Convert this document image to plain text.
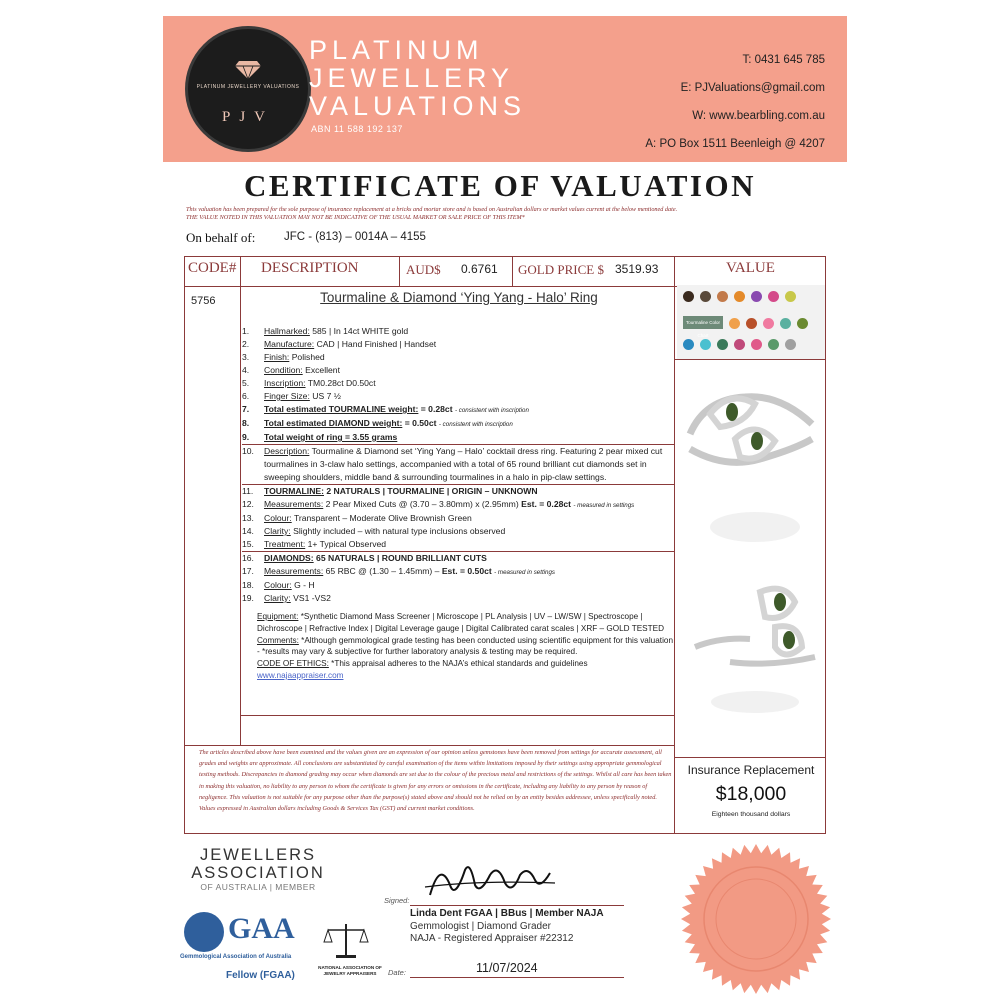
PLATINUM JEWELLERY VALUATIONS
PJV
PLATINUM
JEWELLERY
VALUATIONS
ABN 11 588 192 137
T: 0431 645 785
E: PJValuations@gmail.com
W: www.bearbling.com.au
A: PO Box 1511 Beenleigh @ 4207
CERTIFICATE OF VALUATION
This valuation has been prepared for the sole purpose of insurance replacement at a bricks and mortar store and is based on Australian dollars or market values current at the below mentioned date.
THE VALUE NOTED IN THIS VALUATION MAY NOT BE INDICATIVE OF THE USUAL MARKET OR SALE PRICE OF THIS ITEM*
On behalf of: JFC - (813) – 0014A – 4155
CODE# DESCRIPTION	AUD$ 0.6761 GOLD PRICE $ 3519.93	VALUE
5756	Tourmaline & Diamond ‘Ying Yang - Halo’ Ring
1.	Hallmarked: 585 | In 14ct WHITE gold
2.	Manufacture: CAD | Hand Finished | Handset
3.	Finish: Polished
4.	Condition: Excellent
5.	Inscription: TM0.28ct D0.50ct
6.	Finger Size: US 7 ½
7.	Total estimated TOURMALINE weight: = 0.28ct - consistent with inscription
8.	Total estimated DIAMOND weight: = 0.50ct - consistent with inscription
9.	Total weight of ring = 3.55 grams
10.	Description: Tourmaline & Diamond set ‘Ying Yang – Halo’ cocktail dress ring. Featuring 2 pear mixed cut tourmalines in 3-claw halo settings, accompanied with a total of 65 round brilliant cut diamonds set in sweeping shoulders, middle band & surrounding tourmalines in a halo in pip-claw settings.
11.	TOURMALINE: 2 NATURALS | TOURMALINE | ORIGIN – UNKNOWN
12.	Measurements: 2 Pear Mixed Cuts @ (3.70 – 3.80mm) x (2.95mm) Est. = 0.28ct - measured in settings
13.	Colour: Transparent – Moderate Olive Brownish Green
14.	Clarity: Slightly included – with natural type inclusions observed
15.	Treatment: 1+ Typical Observed
16.	DIAMONDS: 65 NATURALS | ROUND BRILLIANT CUTS
17.	Measurements: 65 RBC @ (1.30 – 1.45mm) – Est. = 0.50ct - measured in settings
18.	Colour: G - H
19.	Clarity: VS1 -VS2
Equipment: *Synthetic Diamond Mass Screener | Microscope | PL Analysis | UV – LW/SW | Spectroscope | Dichroscope | Refractive Index | Digital Leverage gauge | Digital Calibrated carat scales | XRF – GOLD TESTED
Comments: *Although gemmological grade testing has been conducted using scientific equipment for this valuation - *results may vary & subjective for further laboratory analysis & testing may be required.
CODE OF ETHICS: *This appraisal adheres to the NAJA’s ethical standards and guidelines
www.najaappraiser.com
The articles described above have been examined and the values given are an expression of our opinion unless gemstones have been removed from settings for accurate assessment, all grades and weights are approximate. All conclusions are substantiated by careful examination of the items within limitations imposed by their settings using appropriate gemmological testing methods. Discrepancies in diamond grading may occur when diamonds are set due to the colour of the precious metal and restrictions of the settings. Whilst all care has been taken in making this valuation, no liability to any person to whom the certificate is given for any errors or omissions in the certificate, including any liability to any person by reason of negligence. This valuation is not suitable for any purpose other than the purpose(s) stated above and should not be relied on by an entity besides addressee, unless specifically noted. Values expressed in Australian dollars including Goods & Services Tax (GST) and current market conditions.
Tourmaline Color Chart
Insurance Replacement
$18,000
Eighteen thousand dollars
JEWELLERS
ASSOCIATION
OF AUSTRALIA | MEMBER
GAA
Gemmological Association of Australia
Fellow (FGAA)
NATIONAL ASSOCIATION OF JEWELRY APPRAISERS
Signed:
Linda Dent FGAA | BBus | Member NAJA
Gemmologist | Diamond Grader
NAJA - Registered Appraiser #22312
Date:	11/07/2024
